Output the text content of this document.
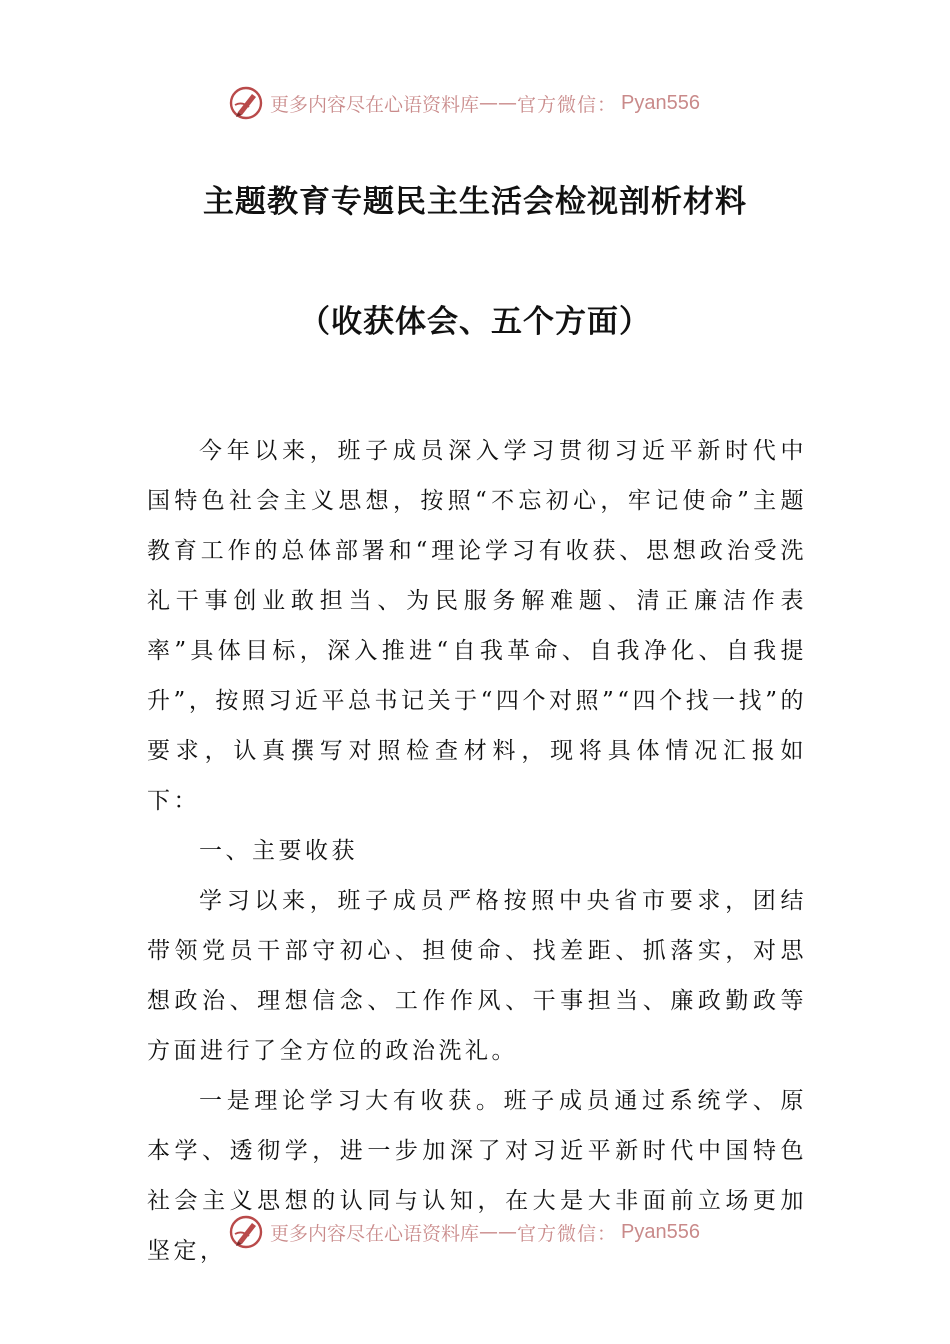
更多内容尽在心语资料库 —— 官方微信： Pyan556
主题教育专题民主生活会检视剖析材料
（收获体会、五个方面）

今年以来，班子成员深入学习贯彻习近平新时代中国特色社会主义思想，按照“不忘初心，牢记使命”主题教育工作的总体部署和“理论学习有收获、思想政治受洗礼干事创业敢担当、为民服务解难题、清正廉洁作表率”具体目标，深入推进“自我革命、自我净化、自我提升”，按照习近平总书记关于“四个对照”“四个找一找”的要求，认真撰写对照检查材料，现将具体情况汇报如下：

一、主要收获

学习以来，班子成员严格按照中央省市要求，团结带领党员干部守初心、担使命、找差距、抓落实，对思想政治、理想信念、工作作风、干事担当、廉政勤政等方面进行了全方位的政治洗礼。

一是理论学习大有收获。班子成员通过系统学、原本学、透彻学，进一步加深了对习近平新时代中国特色社会主义思想的认同与认知，在大是大非面前立场更加坚定，

更多内容尽在心语资料库 —— 官方微信： Pyan556
